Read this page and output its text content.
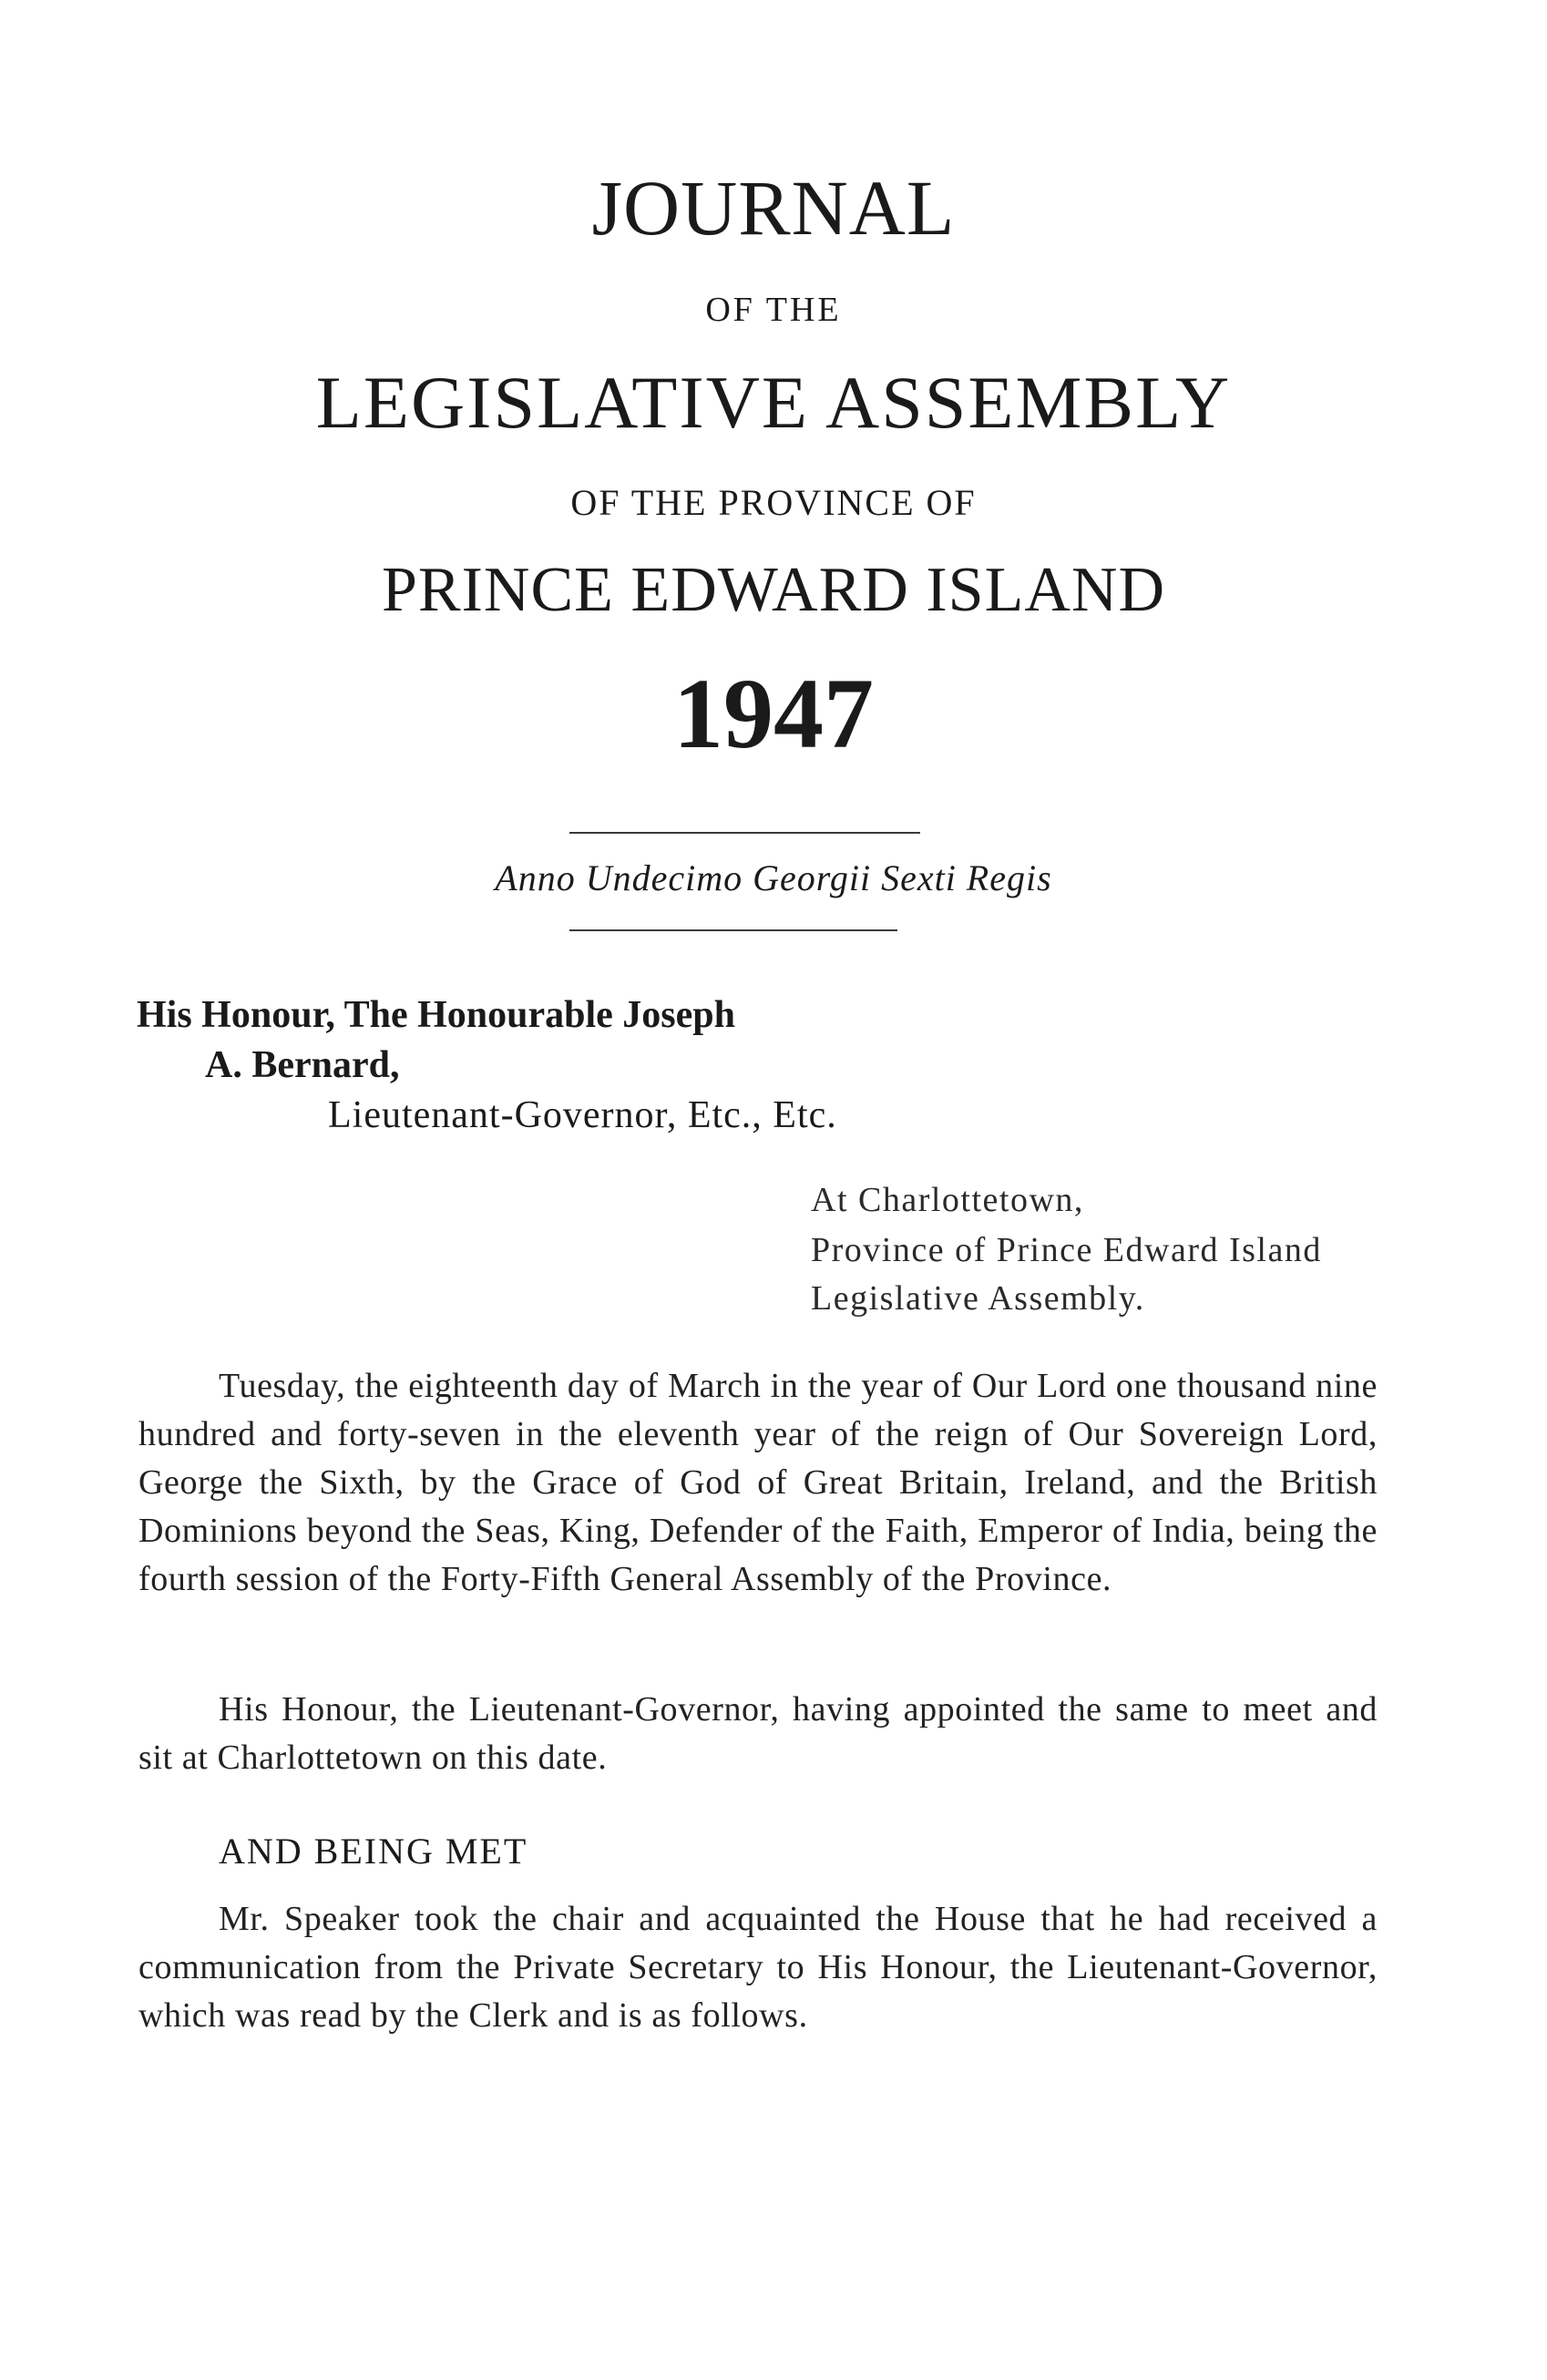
JOURNAL
OF THE
LEGISLATIVE ASSEMBLY
OF THE PROVINCE OF
PRINCE EDWARD ISLAND
1947
Anno Undecimo Georgii Sexti Regis
His Honour, The Honourable Joseph
A. Bernard,
Lieutenant-Governor, Etc., Etc.
At Charlottetown,
Province of Prince Edward Island
Legislative Assembly.

Tuesday, the eighteenth day of March in the year of Our Lord one thousand nine hundred and forty-seven in the eleventh year of the reign of Our Sovereign Lord, George the Sixth, by the Grace of God of Great Britain, Ireland, and the British Dominions beyond the Seas, King, Defender of the Faith, Emperor of India, being the fourth session of the Forty-Fifth General Assembly of the Province.

His Honour, the Lieutenant-Governor, having appointed the same to meet and sit at Charlottetown on this date.

AND BEING MET

Mr. Speaker took the chair and acquainted the House that he had received a communication from the Private Secretary to His Honour, the Lieutenant-Governor, which was read by the Clerk and is as follows.
